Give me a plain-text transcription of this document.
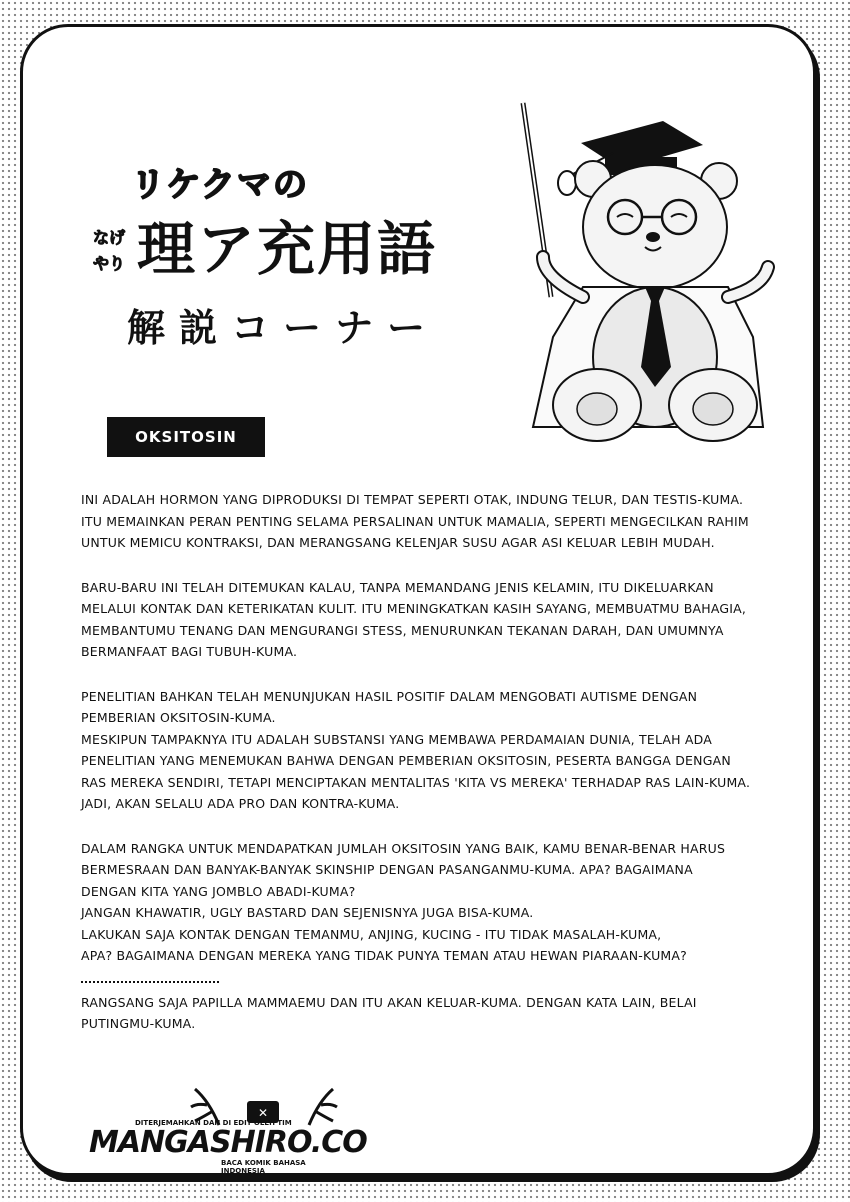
リケクマの
なげ
やり 理ア充用語
解説コーナー
OKSITOSIN

INI ADALAH HORMON YANG DIPRODUKSI DI TEMPAT SEPERTI OTAK, INDUNG TELUR, DAN TESTIS-KUMA.
ITU MEMAINKAN PERAN PENTING SELAMA PERSALINAN UNTUK MAMALIA, SEPERTI MENGECILKAN RAHIM
UNTUK MEMICU KONTRAKSI, DAN MERANGSANG KELENJAR SUSU AGAR ASI KELUAR LEBIH MUDAH.

BARU-BARU INI TELAH DITEMUKAN KALAU, TANPA MEMANDANG JENIS KELAMIN, ITU DIKELUARKAN
MELALUI KONTAK DAN KETERIKATAN KULIT. ITU MENINGKATKAN KASIH SAYANG, MEMBUATMU BAHAGIA,
MEMBANTUMU TENANG DAN MENGURANGI STESS, MENURUNKAN TEKANAN DARAH, DAN UMUMNYA
BERMANFAAT BAGI TUBUH-KUMA.

PENELITIAN BAHKAN TELAH MENUNJUKAN HASIL POSITIF DALAM MENGOBATI AUTISME DENGAN
PEMBERIAN OKSITOSIN-KUMA.
MESKIPUN TAMPAKNYA ITU ADALAH SUBSTANSI YANG MEMBAWA PERDAMAIAN DUNIA, TELAH ADA
PENELITIAN YANG MENEMUKAN BAHWA DENGAN PEMBERIAN OKSITOSIN, PESERTA BANGGA DENGAN
RAS MEREKA SENDIRI, TETAPI MENCIPTAKAN MENTALITAS 'KITA VS MEREKA' TERHADAP RAS LAIN-KUMA.
JADI, AKAN SELALU ADA PRO DAN KONTRA-KUMA.

DALAM RANGKA UNTUK MENDAPATKAN JUMLAH OKSITOSIN YANG BAIK, KAMU BENAR-BENAR HARUS
BERMESRAAN DAN BANYAK-BANYAK SKINSHIP DENGAN PASANGANMU-KUMA. APA? BAGAIMANA
DENGAN KITA YANG JOMBLO ABADI-KUMA?
JANGAN KHAWATIR, UGLY BASTARD DAN SEJENISNYA JUGA BISA-KUMA.
LAKUKAN SAJA KONTAK DENGAN TEMANMU, ANJING, KUCING - ITU TIDAK MASALAH-KUMA,
APA? BAGAIMANA DENGAN MEREKA YANG TIDAK PUNYA TEMAN ATAU HEWAN PIARAAN-KUMA?

RANGSANG SAJA PAPILLA MAMMAEMU DAN ITU AKAN KELUAR-KUMA. DENGAN KATA LAIN, BELAI
PUTINGMU-KUMA.

✕
DITERJEMAHKAN DAN DI EDIT OLEH TIM
MANGASHIRO.CO
BACA KOMIK BAHASA INDONESIA
